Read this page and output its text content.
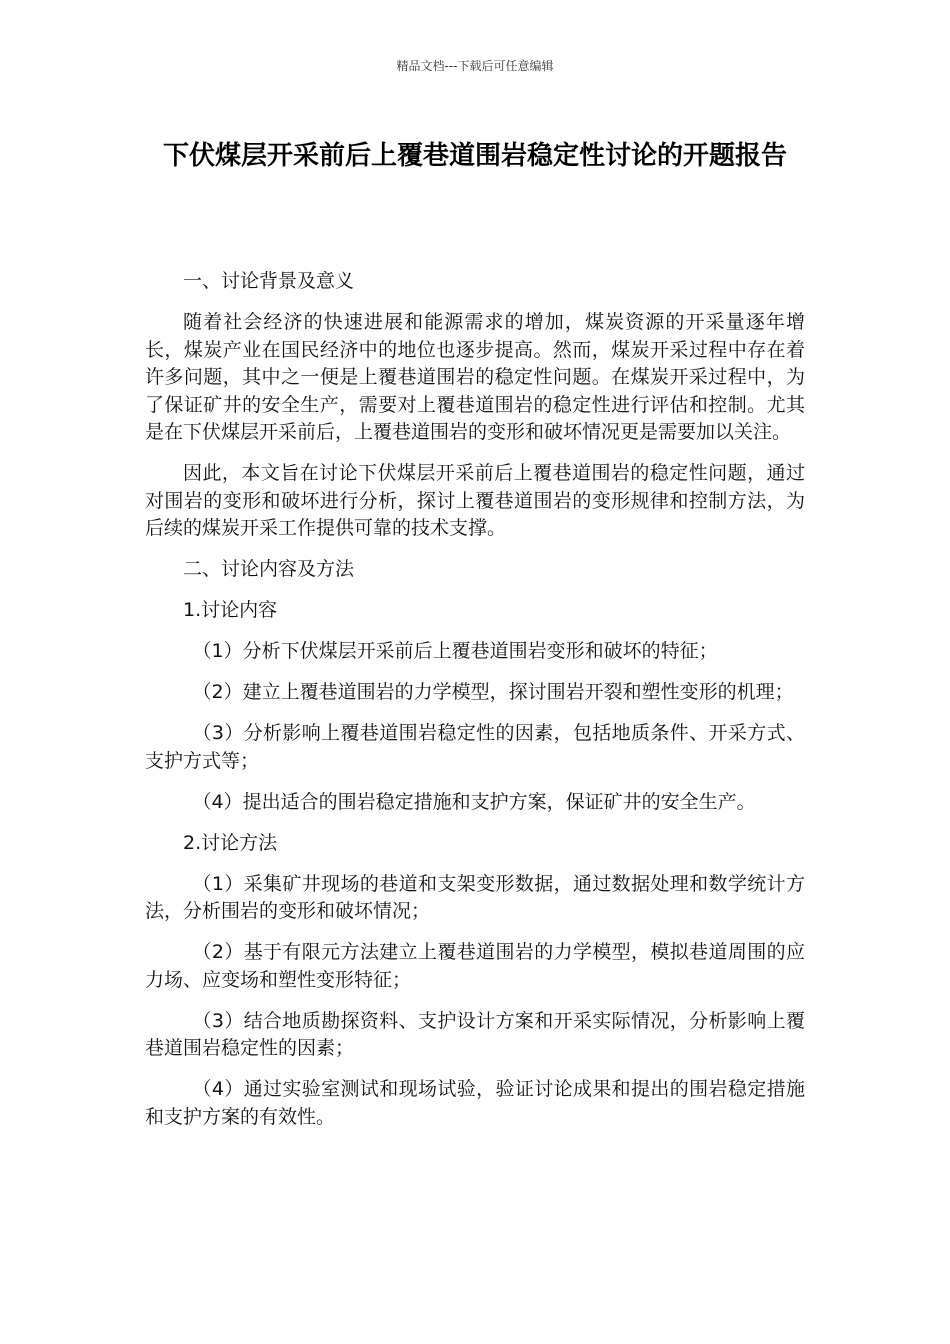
精品文档---下载后可任意编辑
下伏煤层开采前后上覆巷道围岩稳定性讨论的开题报告

一、讨论背景及意义

随着社会经济的快速进展和能源需求的增加，煤炭资源的开采量逐年增长，煤炭产业在国民经济中的地位也逐步提高。然而，煤炭开采过程中存在着许多问题，其中之一便是上覆巷道围岩的稳定性问题。在煤炭开采过程中，为了保证矿井的安全生产，需要对上覆巷道围岩的稳定性进行评估和控制。尤其是在下伏煤层开采前后，上覆巷道围岩的变形和破坏情况更是需要加以关注。

因此，本文旨在讨论下伏煤层开采前后上覆巷道围岩的稳定性问题，通过对围岩的变形和破坏进行分析，探讨上覆巷道围岩的变形规律和控制方法，为后续的煤炭开采工作提供可靠的技术支撑。

二、讨论内容及方法

1.讨论内容

（1）分析下伏煤层开采前后上覆巷道围岩变形和破坏的特征；

（2）建立上覆巷道围岩的力学模型，探讨围岩开裂和塑性变形的机理；

（3）分析影响上覆巷道围岩稳定性的因素，包括地质条件、开采方式、支护方式等；

（4）提出适合的围岩稳定措施和支护方案，保证矿井的安全生产。

2.讨论方法

（1）采集矿井现场的巷道和支架变形数据，通过数据处理和数学统计方法，分析围岩的变形和破坏情况；

（2）基于有限元方法建立上覆巷道围岩的力学模型，模拟巷道周围的应力场、应变场和塑性变形特征；

（3）结合地质勘探资料、支护设计方案和开采实际情况，分析影响上覆巷道围岩稳定性的因素；

（4）通过实验室测试和现场试验，验证讨论成果和提出的围岩稳定措施和支护方案的有效性。
